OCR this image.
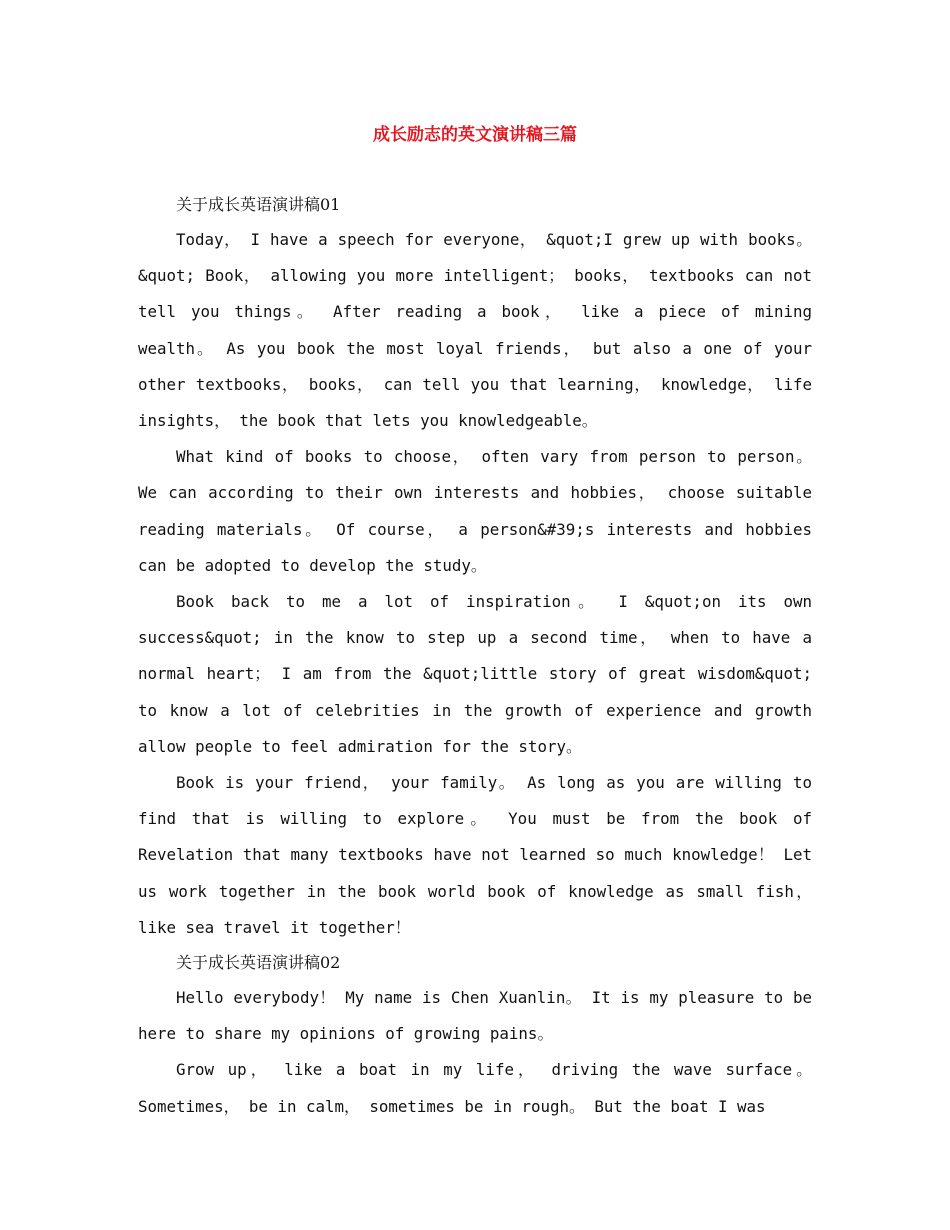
成长励志的英文演讲稿三篇

关于成长英语演讲稿01

Today， I have a speech for everyone， &quot;I grew up with books。&quot; Book， allowing you more intelligent； books， textbooks can not tell you things。 After reading a book， like a piece of mining wealth。 As you book the most loyal friends， but also a one of your other textbooks， books， can tell you that learning， knowledge， life insights， the book that lets you knowledgeable。

What kind of books to choose， often vary from person to person。 We can according to their own interests and hobbies， choose suitable reading materials。 Of course， a person&#39;s interests and hobbies can be adopted to develop the study。

Book back to me a lot of inspiration。 I &quot;on its own success&quot; in the know to step up a second time， when to have a normal heart； I am from the &quot;little story of great wisdom&quot; to know a lot of celebrities in the growth of experience and growth allow people to feel admiration for the story。

Book is your friend， your family。 As long as you are willing to find that is willing to explore。 You must be from the book of Revelation that many textbooks have not learned so much knowledge！ Let us work together in the book world book of knowledge as small fish， like sea travel it together！

关于成长英语演讲稿02

Hello everybody！ My name is Chen Xuanlin。 It is my pleasure to be here to share my opinions of growing pains。

Grow up， like a boat in my life， driving the wave surface。 Sometimes， be in calm， sometimes be in rough。 But the boat I was
